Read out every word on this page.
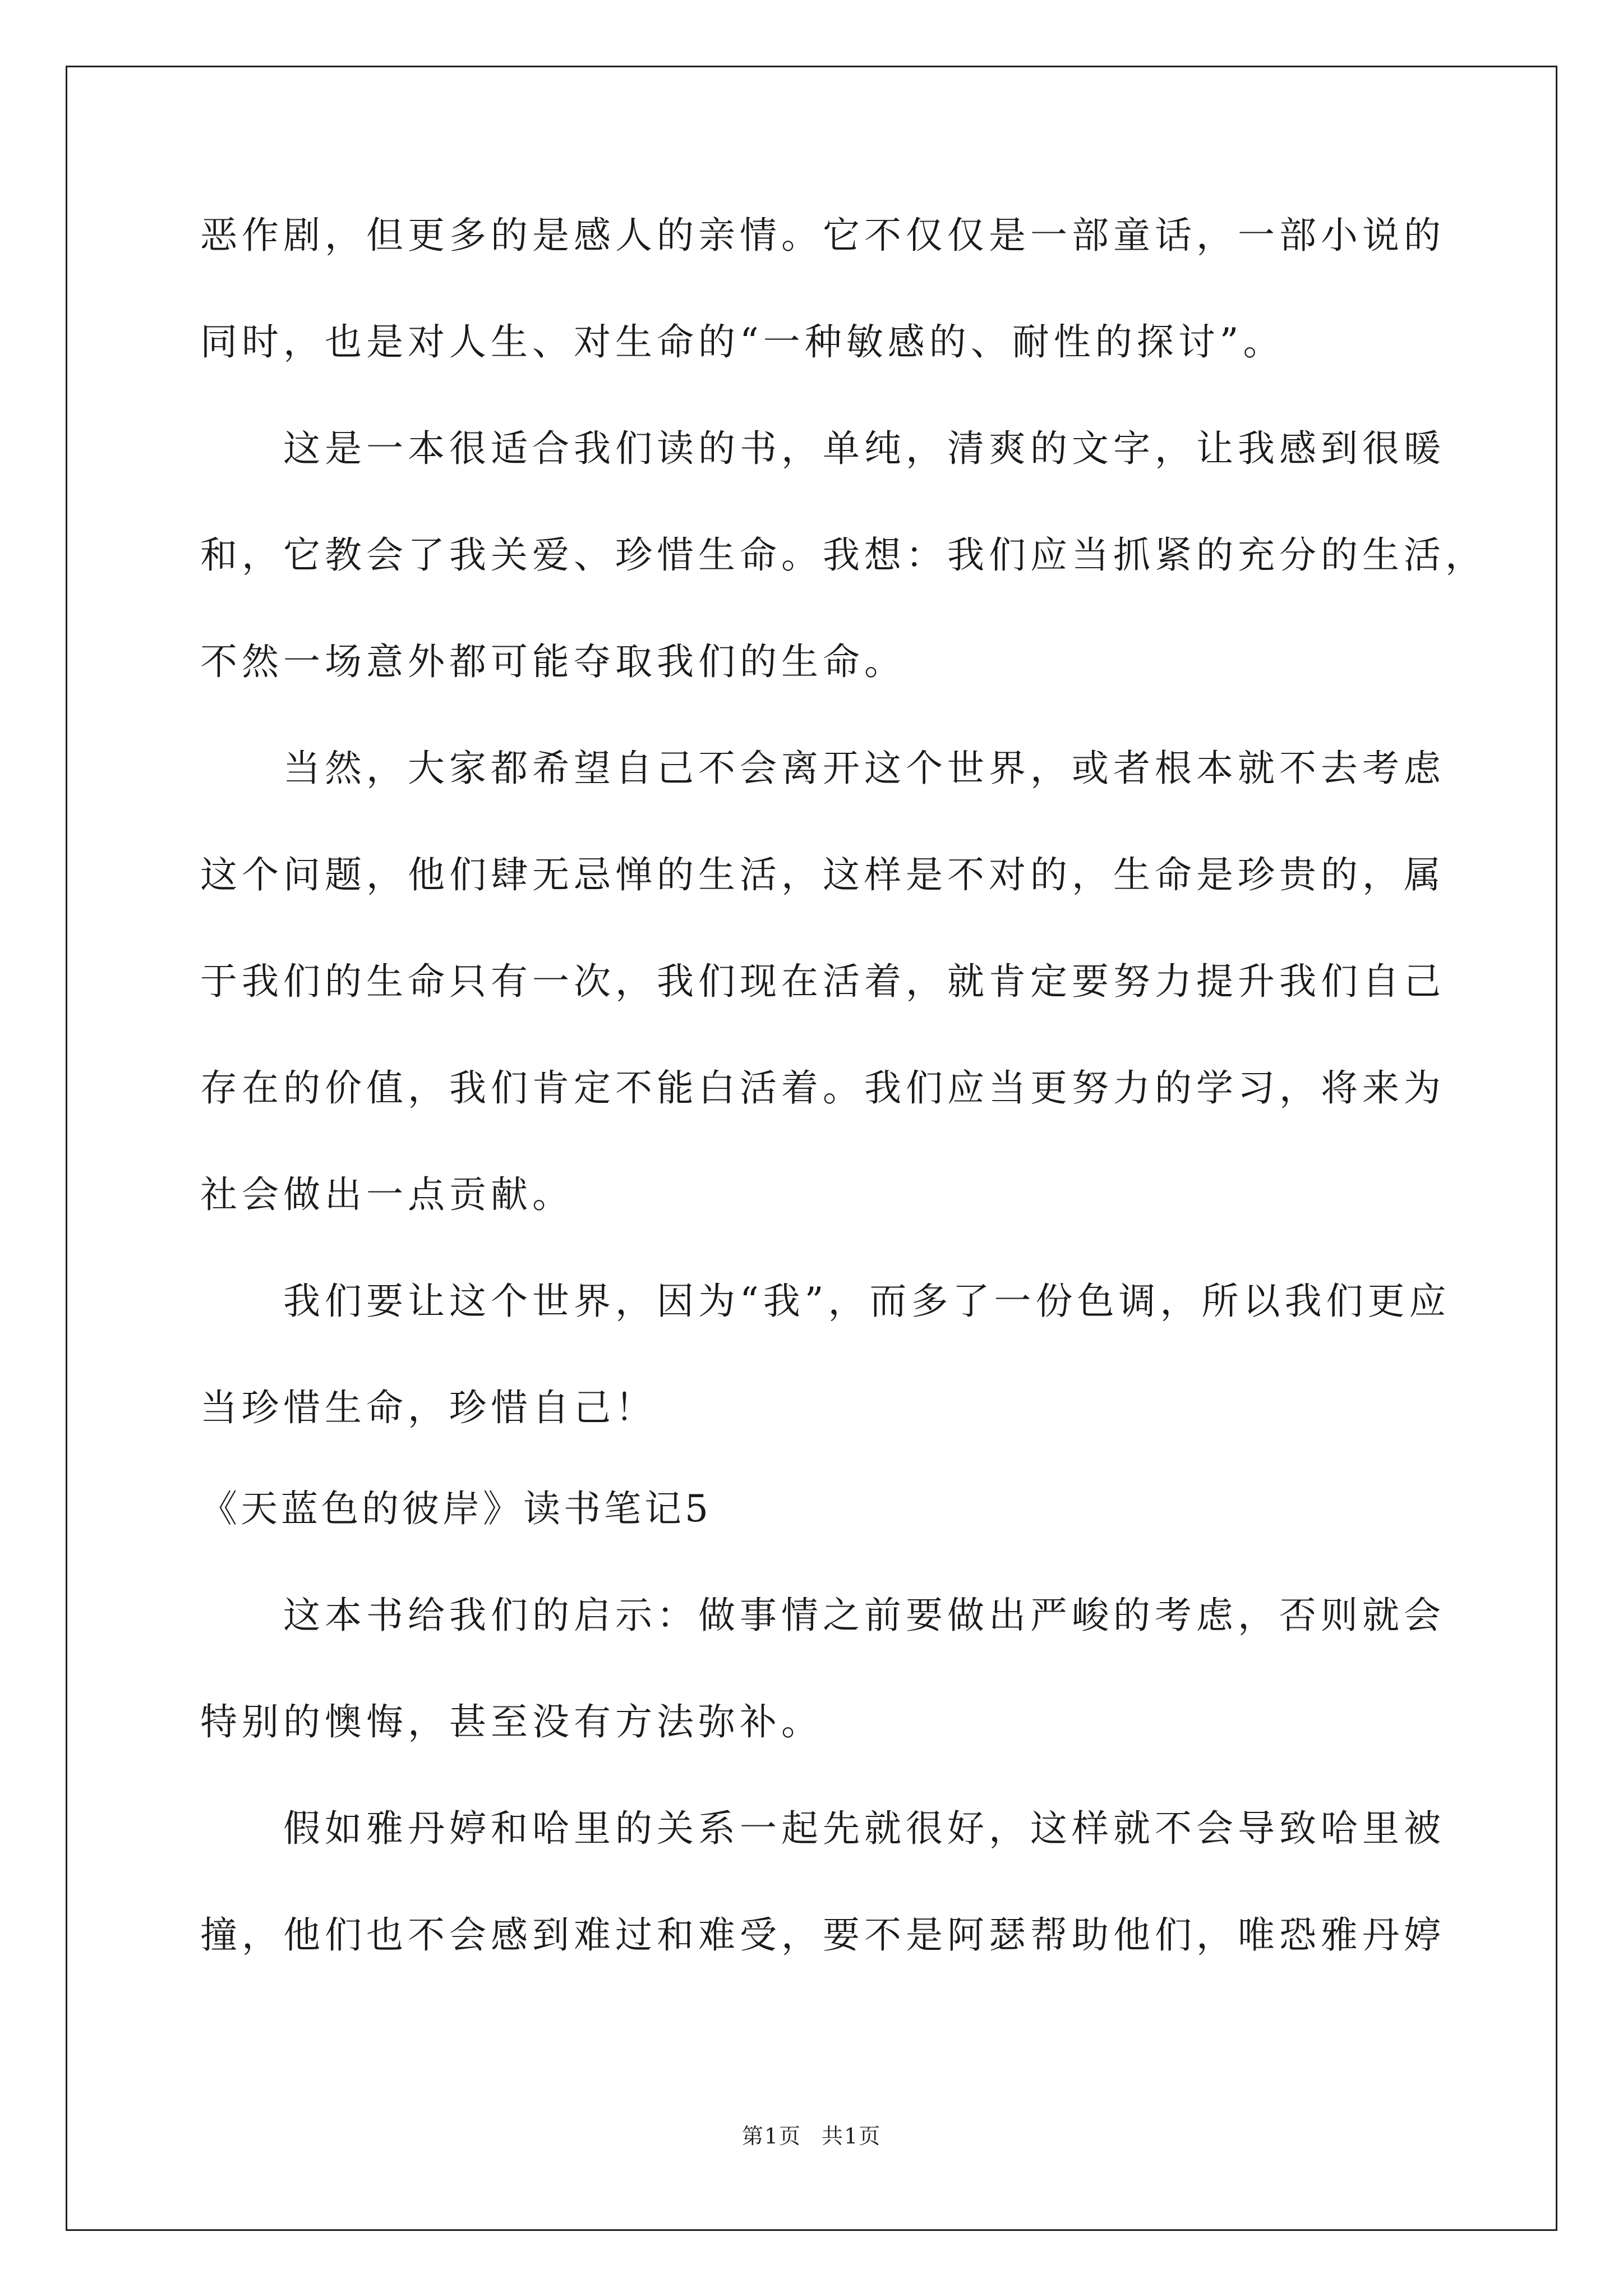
恶作剧，但更多的是感人的亲情。它不仅仅是一部童话，一部小说的
同时，也是对人生、对生命的“一种敏感的、耐性的探讨”。
这是一本很适合我们读的书，单纯，清爽的文字，让我感到很暖
和，它教会了我关爱、珍惜生命。我想：我们应当抓紧的充分的生活，
不然一场意外都可能夺取我们的生命。
当然，大家都希望自己不会离开这个世界，或者根本就不去考虑
这个问题，他们肆无忌惮的生活，这样是不对的，生命是珍贵的，属
于我们的生命只有一次，我们现在活着，就肯定要努力提升我们自己
存在的价值，我们肯定不能白活着。我们应当更努力的学习，将来为
社会做出一点贡献。
我们要让这个世界，因为“我”，而多了一份色调，所以我们更应
当珍惜生命，珍惜自己！
《天蓝色的彼岸》读书笔记5
这本书给我们的启示：做事情之前要做出严峻的考虑，否则就会
特别的懊悔，甚至没有方法弥补。
假如雅丹婷和哈里的关系一起先就很好，这样就不会导致哈里被
撞，他们也不会感到难过和难受，要不是阿瑟帮助他们，唯恐雅丹婷
第1页 共1页
